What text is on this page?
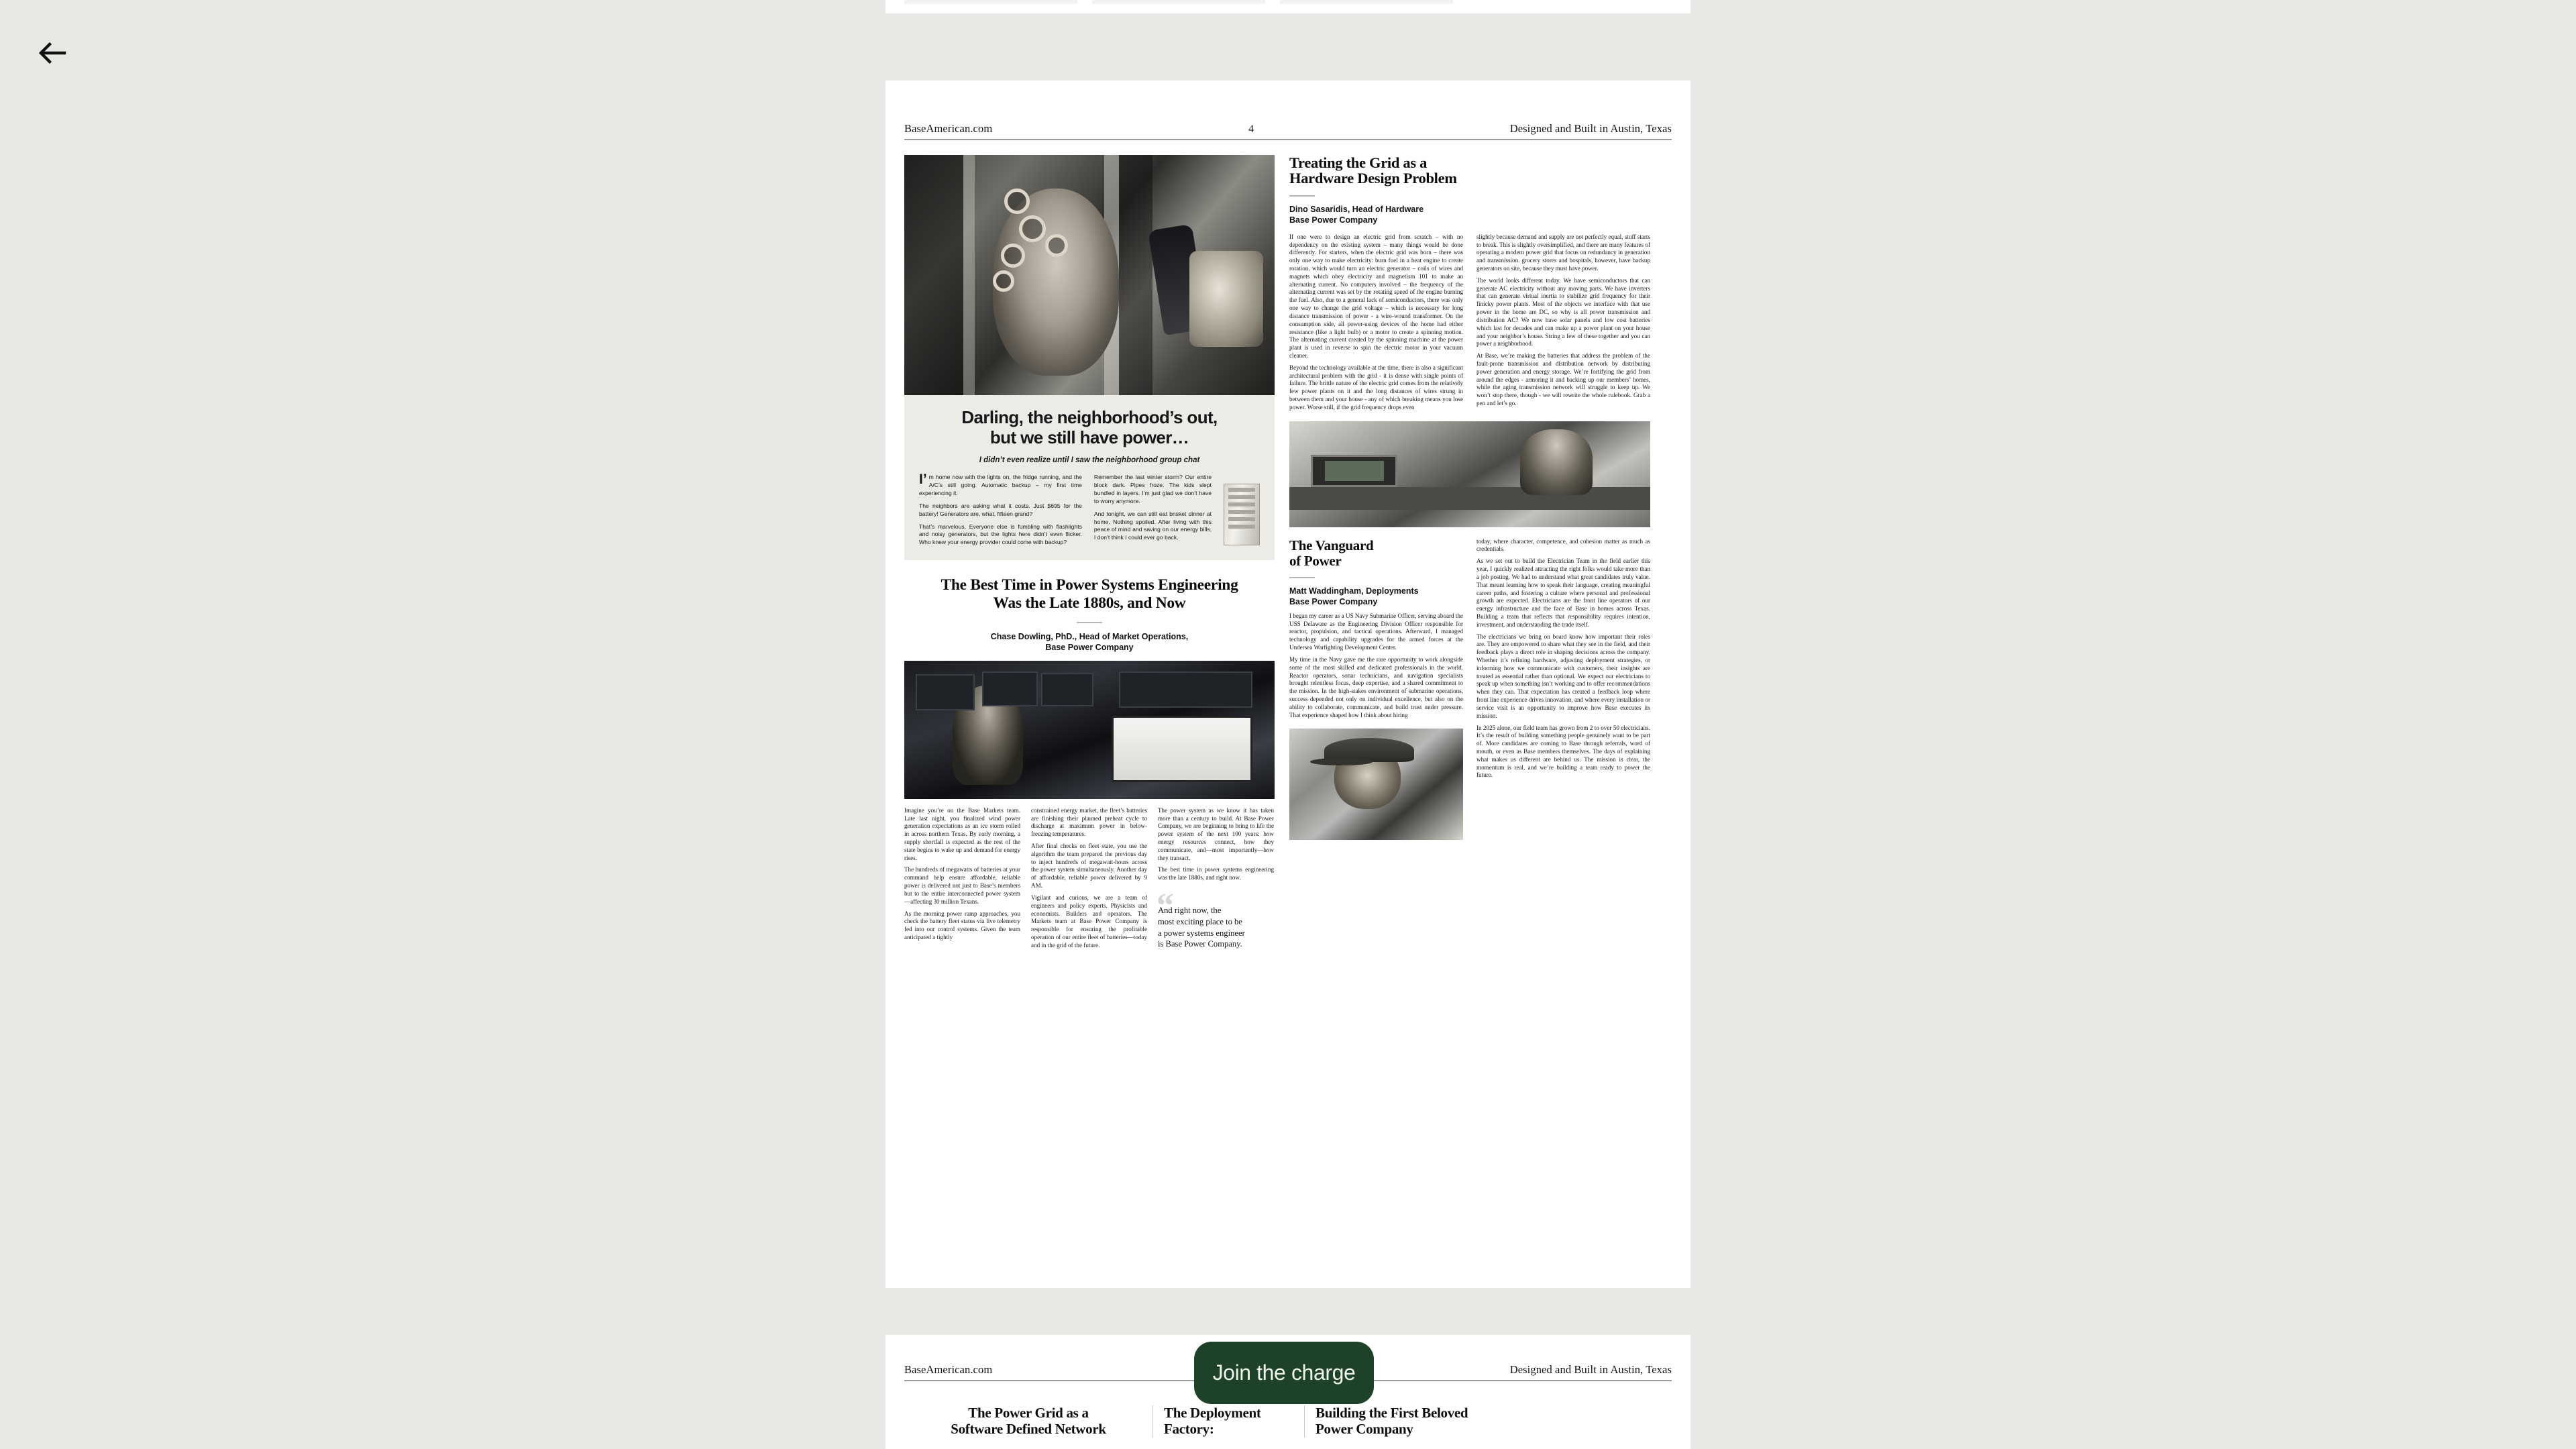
BaseAmerican.com	4	Designed and Built in Austin, Texas
Darling, the neighborhood’s out,
but we still have power…
I didn’t even realize until I saw the neighborhood group chat

I’m home now with the lights on, the fridge running, and the A/C’s still going. Automatic backup – my first time experiencing it.

The neighbors are asking what it costs. Just $695 for the battery! Generators are, what, fifteen grand?

That’s marvelous. Everyone else is fumbling with flashlights and noisy generators, but the lights here didn’t even flicker. Who knew your energy provider could come with backup?

Remember the last winter storm? Our entire block dark. Pipes froze. The kids slept bundled in layers. I’m just glad we don’t have to worry anymore.

And tonight, we can still eat brisket dinner at home. Nothing spoiled. After living with this peace of mind and saving on our energy bills, I don’t think I could ever go back.

The Best Time in Power Systems Engineering
Was the Late 1880s, and Now
Chase Dowling, PhD., Head of Market Operations,
Base Power Company

Imagine you’re on the Base Markets team. Late last night, you finalized wind power generation expectations as an ice storm rolled in across northern Texas. By early morning, a supply shortfall is expected as the rest of the state begins to wake up and demand for energy rises.

The hundreds of megawatts of batteries at your command help ensure affordable, reliable power is delivered not just to Base’s members but to the entire interconnected power system—affecting 30 million Texans.

As the morning power ramp approaches, you check the battery fleet status via live telemetry fed into our control systems. Given the team anticipated a tightly

constrained energy market, the fleet’s batteries are finishing their planned preheat cycle to discharge at maximum power in below-freezing temperatures.

After final checks on fleet state, you use the algorithm the team prepared the previous day to inject hundreds of megawatt-hours across the power system simultaneously. Another day of affordable, reliable power delivered by 9 AM.

Vigilant and curious, we are a team of engineers and policy experts. Physicists and economists. Builders and operators. The Markets team at Base Power Company is responsible for ensuring the profitable operation of our entire fleet of batteries—today and in the grid of the future.

The power system as we know it has taken more than a century to build. At Base Power Company, we are beginning to bring to life the power system of the next 100 years: how energy resources connect, how they communicate, and—most importantly—how they transact.

The best time in power systems engineering was the late 1880s, and right now.

“
And right now, the
most exciting place to be
a power systems engineer
is Base Power Company.
Treating the Grid as a
Hardware Design Problem
Dino Sasaridis, Head of Hardware
Base Power Company

If one were to design an electric grid from scratch – with no dependency on the existing system – many things would be done differently. For starters, when the electric grid was born – there was only one way to make electricity: burn fuel in a heat engine to create rotation, which would turn an electric generator – coils of wires and magnets which obey electricity and magnetism 101 to make an alternating current. No computers involved – the frequency of the alternating current was set by the rotating speed of the engine burning the fuel. Also, due to a general lack of semiconductors, there was only one way to change the grid voltage – which is necessary for long distance transmission of power - a wire-wound transformer. On the consumption side, all power-using devices of the home had either resistance (like a light bulb) or a motor to create a spinning motion. The alternating current created by the spinning machine at the power plant is used in reverse to spin the electric motor in your vacuum cleaner.

Beyond the technology available at the time, there is also a significant architectural problem with the grid - it is dense with single points of failure. The brittle nature of the electric grid comes from the relatively few power plants on it and the long distances of wires strung in between them and your house - any of which breaking means you lose power. Worse still, if the grid frequency drops even

slightly because demand and supply are not perfectly equal, stuff starts to break. This is slightly oversimplified, and there are many features of operating a modern power grid that focus on redundancy in generation and transmission. grocery stores and hospitals, however, have backup generators on site, because they must have power.

The world looks different today. We have semiconductors that can generate AC electricity without any moving parts. We have inverters that can generate virtual inertia to stabilize grid frequency for their finicky power plants. Most of the objects we interface with that use power in the home are DC, so why is all power transmission and distribution AC? We now have solar panels and low cost batteries which last for decades and can make up a power plant on your house and your neighbor’s house. String a few of these together and you can power a neighborhood.

At Base, we’re making the batteries that address the problem of the fault-prone transmission and distribution network by distributing power generation and energy storage. We’re fortifying the grid from around the edges - armoring it and backing up our members’ homes, while the aging transmission network will struggle to keep up. We won’t stop there, though - we will rewrite the whole rulebook. Grab a pen and let’s go.

The Vanguard
of Power
Matt Waddingham, Deployments
Base Power Company

I began my career as a US Navy Submarine Officer, serving aboard the USS Delaware as the Engineering Division Officer responsible for reactor, propulsion, and tactical operations. Afterward, I managed technology and capability upgrades for the armed forces at the Undersea Warfighting Development Center.

My time in the Navy gave me the rare opportunity to work alongside some of the most skilled and dedicated professionals in the world. Reactor operators, sonar technicians, and navigation specialists brought relentless focus, deep expertise, and a shared commitment to the mission. In the high-stakes environment of submarine operations, success depended not only on individual excellence, but also on the ability to collaborate, communicate, and build trust under pressure. That experience shaped how I think about hiring

today, where character, competence, and cohesion matter as much as credentials.

As we set out to build the Electrician Team in the field earlier this year, I quickly realized attracting the right folks would take more than a job posting. We had to understand what great candidates truly value. That meant learning how to speak their language, creating meaningful career paths, and fostering a culture where personal and professional growth are expected. Electricians are the front line operators of our energy infrastructure and the face of Base in homes across Texas. Building a team that reflects that responsibility requires intention, investment, and understanding the trade itself.

The electricians we bring on board know how important their roles are. They are empowered to share what they see in the field, and their feedback plays a direct role in shaping decisions across the company. Whether it’s refining hardware, adjusting deployment strategies, or informing how we communicate with customers, their insights are treated as essential rather than optional. We expect our electricians to speak up when something isn’t working and to offer recommendations when they can. That expectation has created a feedback loop where front line experience drives innovation, and where every installation or service visit is an opportunity to improve how Base executes its mission.

In 2025 alone, our field team has grown from 2 to over 50 electricians. It’s the result of building something people genuinely want to be part of. More candidates are coming to Base through referrals, word of mouth, or even as Base members themselves. The days of explaining what makes us different are behind us. The mission is clear, the momentum is real, and we’re building a team ready to power the future.

BaseAmerican.com	Designed and Built in Austin, Texas
The Power Grid as a
Software Defined Network
The Deployment
Factory:
Building the First Beloved
Power Company
Join the charge
